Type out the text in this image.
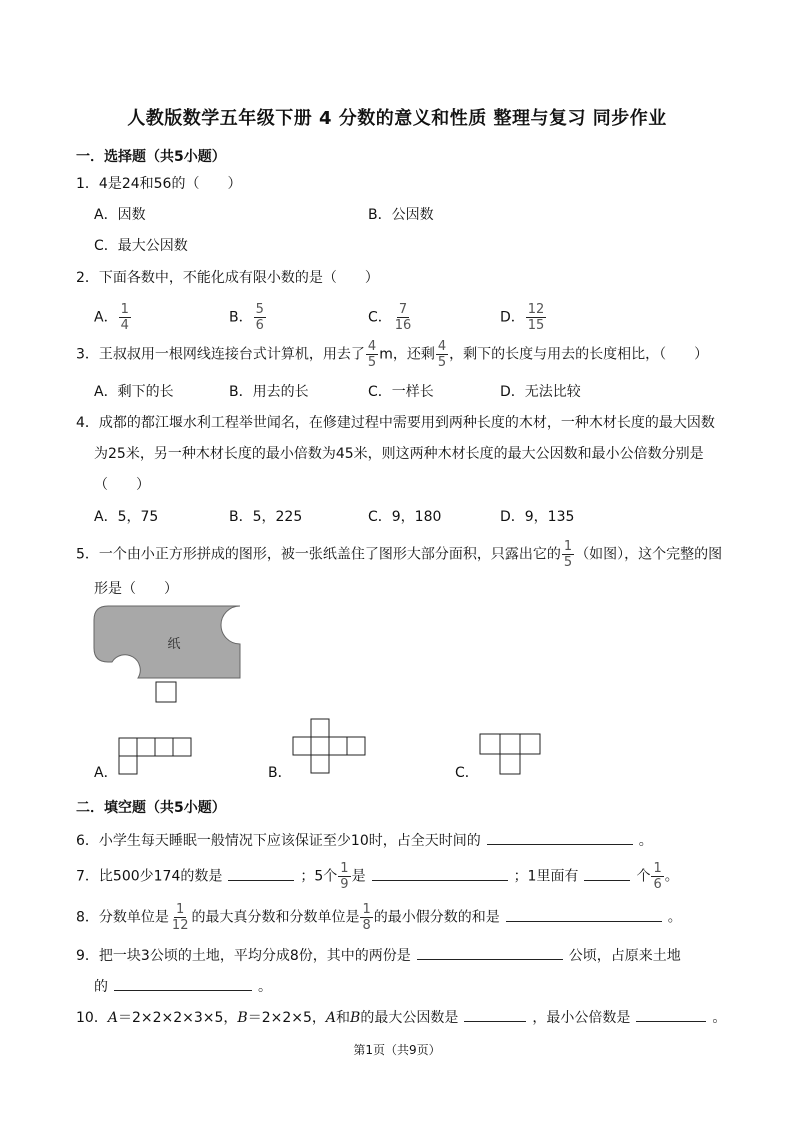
人教版数学五年级下册 4 分数的意义和性质 整理与复习 同步作业
一．选择题（共5小题）
1．4是24和56的（　　）
A．因数	B．公因数
C．最大公因数
2．下面各数中，不能化成有限小数的是（　　）
A． $\frac{1}{4}$	B． $\frac{5}{6}$	C． $\frac{7}{16}$	D． $\frac{12}{15}$
3．王叔叔用一根网线连接台式计算机，用去了 $\frac{4}{5}$ m，还剩 $\frac{4}{5}$ ，剩下的长度与用去的长度相比，（　　）
A．剩下的长	B．用去的长	C．一样长	D．无法比较
4．成都的都江堰水利工程举世闻名，在修建过程中需要用到两种长度的木材，一种木材长度的最大因数
为25米，另一种木材长度的最小倍数为45米，则这两种木材长度的最大公因数和最小公倍数分别是
（　　）
A．5，75	B．5，225	C．9，180	D．9，135
5．一个由小正方形拼成的图形，被一张纸盖住了图形大部分面积，只露出它的 $\frac{1}{5}$ （如图），这个完整的图
形是（　　）
纸
A．	B．	C．
二．填空题（共5小题）
6．小学生每天睡眠一般情况下应该保证至少10时，占全天时间的	。
7．比500少174的数是	；5个 $\frac{1}{9}$ 是	；1里面有	个 $\frac{1}{6}$ 。
8．分数单位是 $\frac{1}{12}$ 的最大真分数和分数单位是 $\frac{1}{8}$ 的最小假分数的和是	。
9．把一块3公顷的土地，平均分成8份，其中的两份是	公顷，占原来土地
的	。
10．A＝2×2×2×3×5，B＝2×2×5，A和B的最大公因数是	，最小公倍数是	。
第1页（共9页）
